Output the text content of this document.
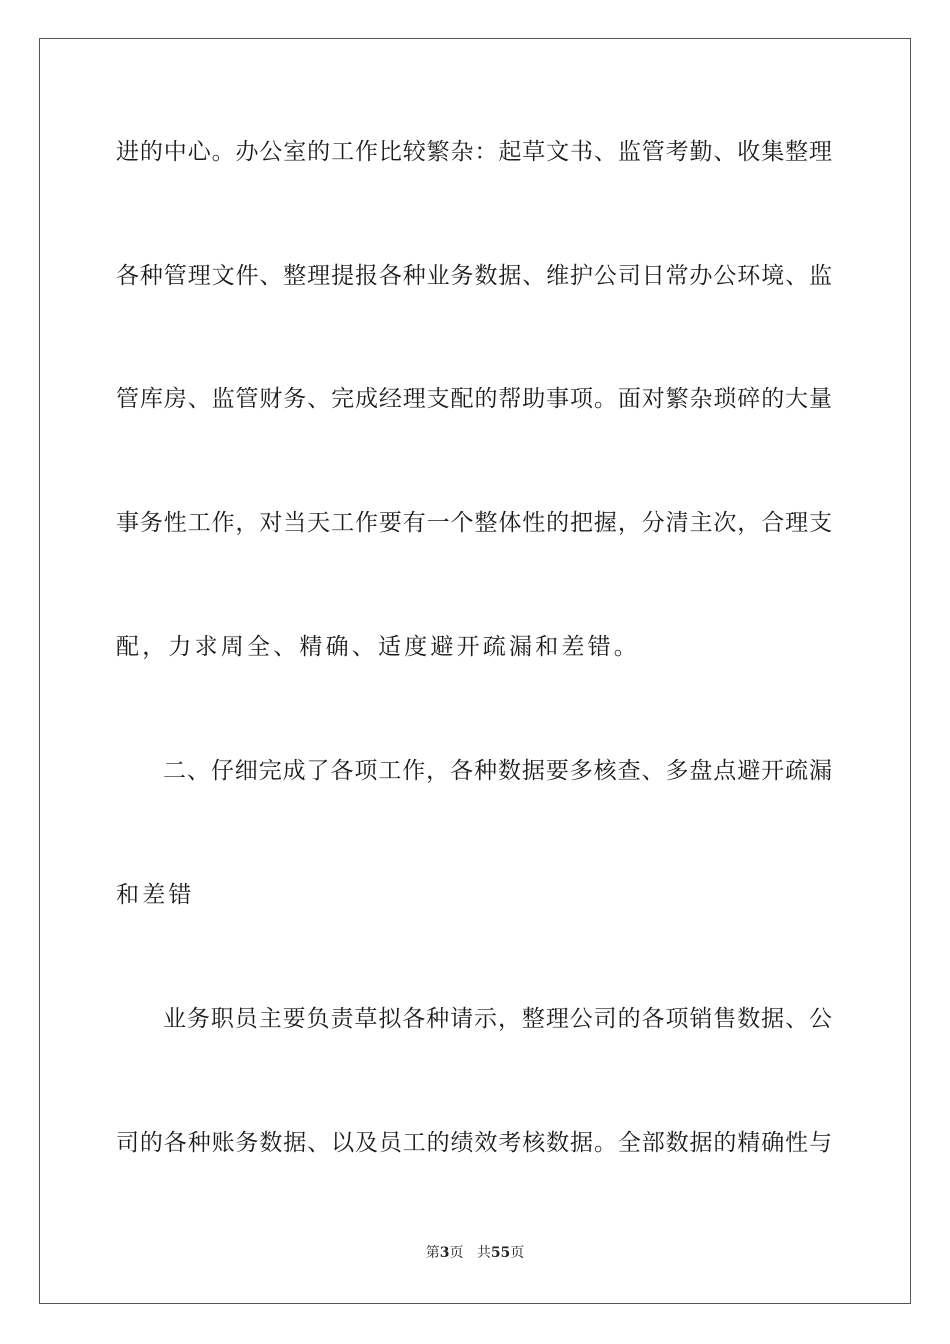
进的中心。办公室的工作比较繁杂：起草文书、监管考勤、收集整理
各种管理文件、整理提报各种业务数据、维护公司日常办公环境、监
管库房、监管财务、完成经理支配的帮助事项。面对繁杂琐碎的大量
事务性工作，对当天工作要有一个整体性的把握，分清主次，合理支
配，力求周全、精确、适度避开疏漏和差错。
二、仔细完成了各项工作，各种数据要多核查、多盘点避开疏漏
和差错
业务职员主要负责草拟各种请示，整理公司的各项销售数据、公
司的各种账务数据、以及员工的绩效考核数据。全部数据的精确性与
第3页 共55页
